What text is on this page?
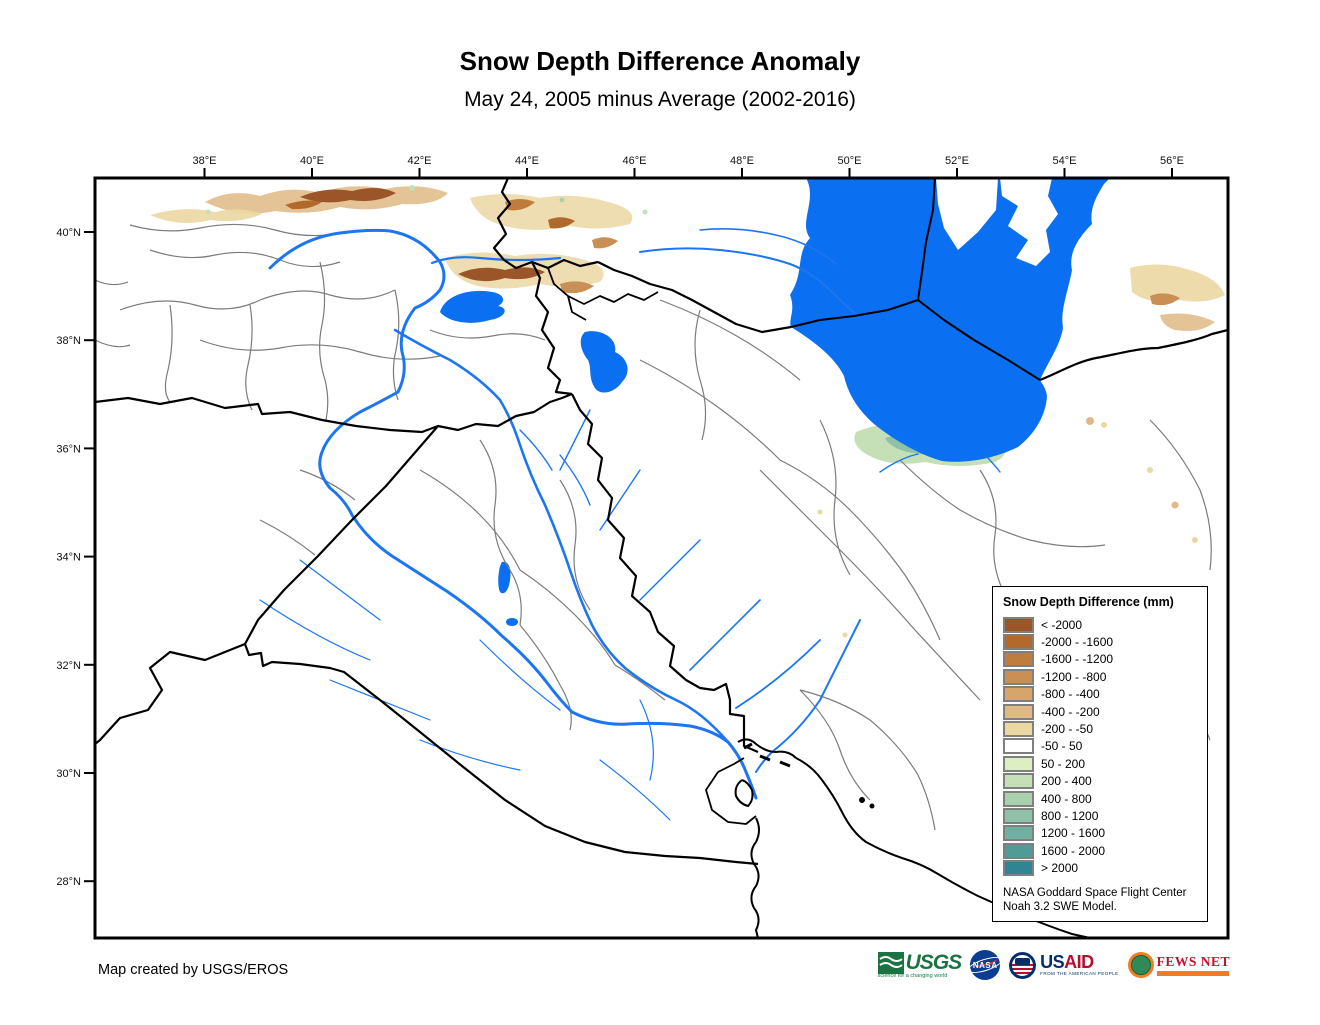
Snow Depth Difference Anomaly
May 24, 2005 minus Average (2002-2016)
38°E	40°E	42°E	44°E	46°E	48°E	50°E	52°E	54°E	56°E
40°N
38°N
36°N
34°N
32°N
30°N
28°N
Snow Depth Difference (mm)
< -2000
-2000 - -1600
-1600 - -1200
-1200 - -800
-800 - -400
-400 - -200
-200 - -50
-50 - 50
50 - 200
200 - 400
400 - 800
800 - 1200
1200 - 1600
1600 - 2000
> 2000
NASA Goddard Space Flight Center
Noah 3.2 SWE Model.
Map created by USGS/EROS	USGS
science for a changing world
NASA USAID
FROM THE AMERICAN PEOPLE
FEWS NET
